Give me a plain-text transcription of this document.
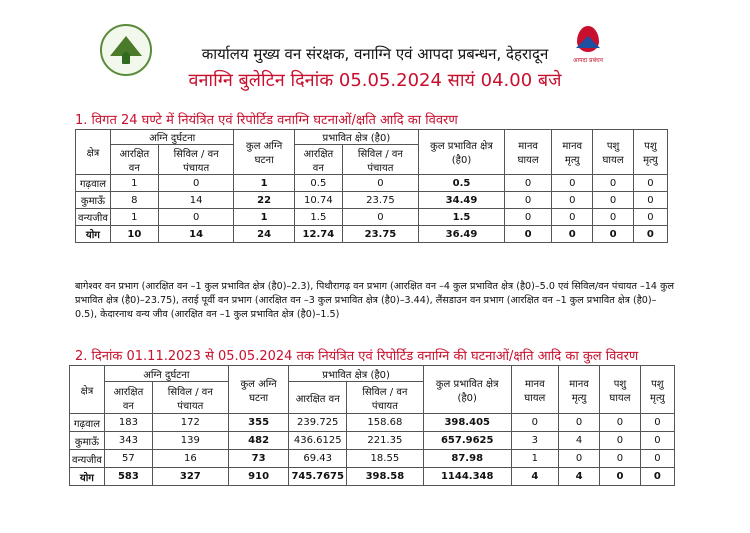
आपदा प्रबंधन
कार्यालय मुख्य वन संरक्षक, वनाग्नि एवं आपदा प्रबन्धन, देहरादून
वनाग्नि बुलेटिन दिनांक 05.05.2024 सायं 04.00 बजे
1. विगत 24 घण्टे में नियंत्रित एवं रिपोर्टिड वनाग्नि घटनाओं/क्षति आदि का विवरण
क्षेत्र	अग्नि दुर्घटना		कुल अग्नि घटना	प्रभावित क्षेत्र (है0)		कुल प्रभावित क्षेत्र (है0)	मानव घायल	मानव मृत्यु	पशु घायल	पशु मृत्यु
	आरक्षित वन	सिविल / वन पंचायत		आरक्षित वन	सिविल / वन पंचायत					
गढ़वाल	1	0	1	0.5	0	0.5	0	0	0	0
कुमाऊँ	8	14	22	10.74	23.75	34.49	0	0	0	0
वन्यजीव	1	0	1	1.5	0	1.5	0	0	0	0
योग	10	14	24	12.74	23.75	36.49	0	0	0	0
बागेश्वर वन प्रभाग (आरक्षित वन –1 कुल प्रभावित क्षेत्र (है0)–2.3), पिथौरागढ़ वन प्रभाग (आरक्षित वन –4 कुल प्रभावित क्षेत्र (है0)–5.0 एवं सिविल/वन पंचायत –14 कुल प्रभावित क्षेत्र (है0)–23.75), तराई पूर्वी वन प्रभाग (आरक्षित वन –3 कुल प्रभावित क्षेत्र (है0)–3.44), लैंसडाउन वन प्रभाग (आरक्षित वन –1 कुल प्रभावित क्षेत्र (है0)–0.5), केदारनाथ वन्य जीव (आरक्षित वन –1 कुल प्रभावित क्षेत्र (है0)–1.5)
2. दिनांक 01.11.2023 से 05.05.2024 तक नियंत्रित एवं रिपोर्टिड वनाग्नि की घटनाओं/क्षति आदि का कुल विवरण
क्षेत्र	अग्नि दुर्घटना		कुल अग्नि घटना	प्रभावित क्षेत्र (है0)		कुल प्रभावित क्षेत्र (है0)	मानव घायल	मानव मृत्यु	पशु घायल	पशु मृत्यु
	आरक्षित वन	सिविल / वन पंचायत		आरक्षित वन	सिविल / वन पंचायत					
गढ़वाल	183	172	355	239.725	158.68	398.405	0	0	0	0
कुमाऊँ	343	139	482	436.6125	221.35	657.9625	3	4	0	0
वन्यजीव	57	16	73	69.43	18.55	87.98	1	0	0	0
योग	583	327	910	745.7675	398.58	1144.348	4	4	0	0
